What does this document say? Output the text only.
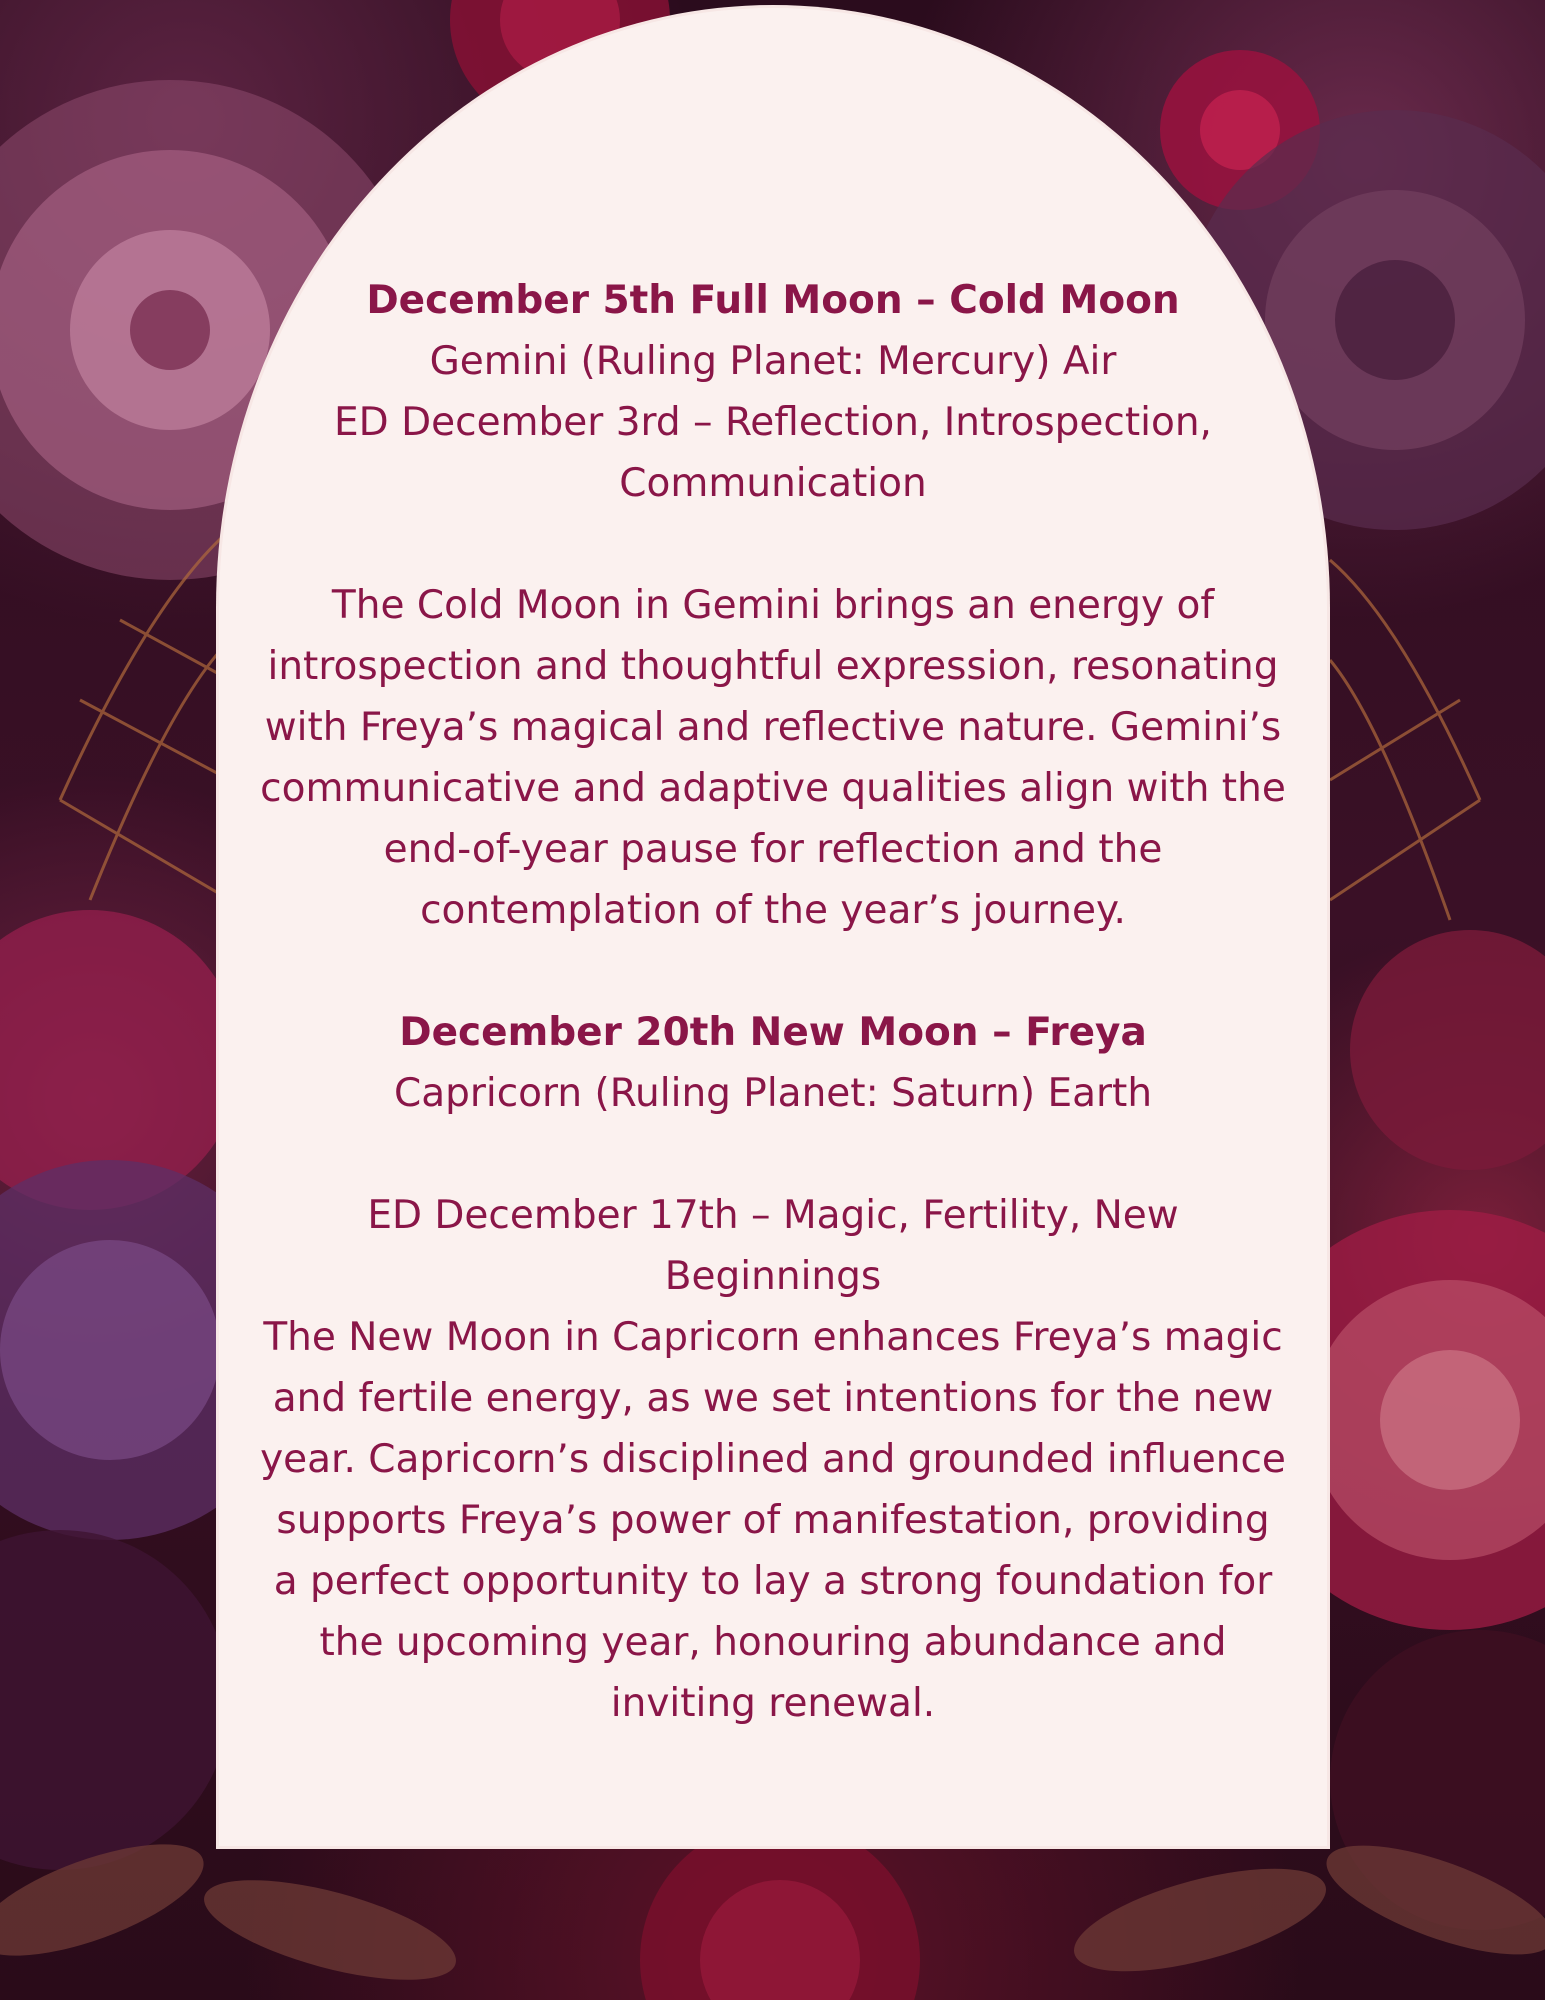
December 5th Full Moon – Cold Moon

Gemini (Ruling Planet: Mercury) Air

ED December 3rd – Reflection, Introspection, Communication

The Cold Moon in Gemini brings an energy of introspection and thoughtful expression, resonating with Freya’s magical and reflective nature. Gemini’s communicative and adaptive qualities align with the end-of-year pause for reflection and the contemplation of the year’s journey.

December 20th New Moon – Freya

Capricorn (Ruling Planet: Saturn) Earth

ED December 17th – Magic, Fertility, New Beginnings

The New Moon in Capricorn enhances Freya’s magic and fertile energy, as we set intentions for the new year. Capricorn’s disciplined and grounded influence supports Freya’s power of manifestation, providing a perfect opportunity to lay a strong foundation for the upcoming year, honouring abundance and inviting renewal.
